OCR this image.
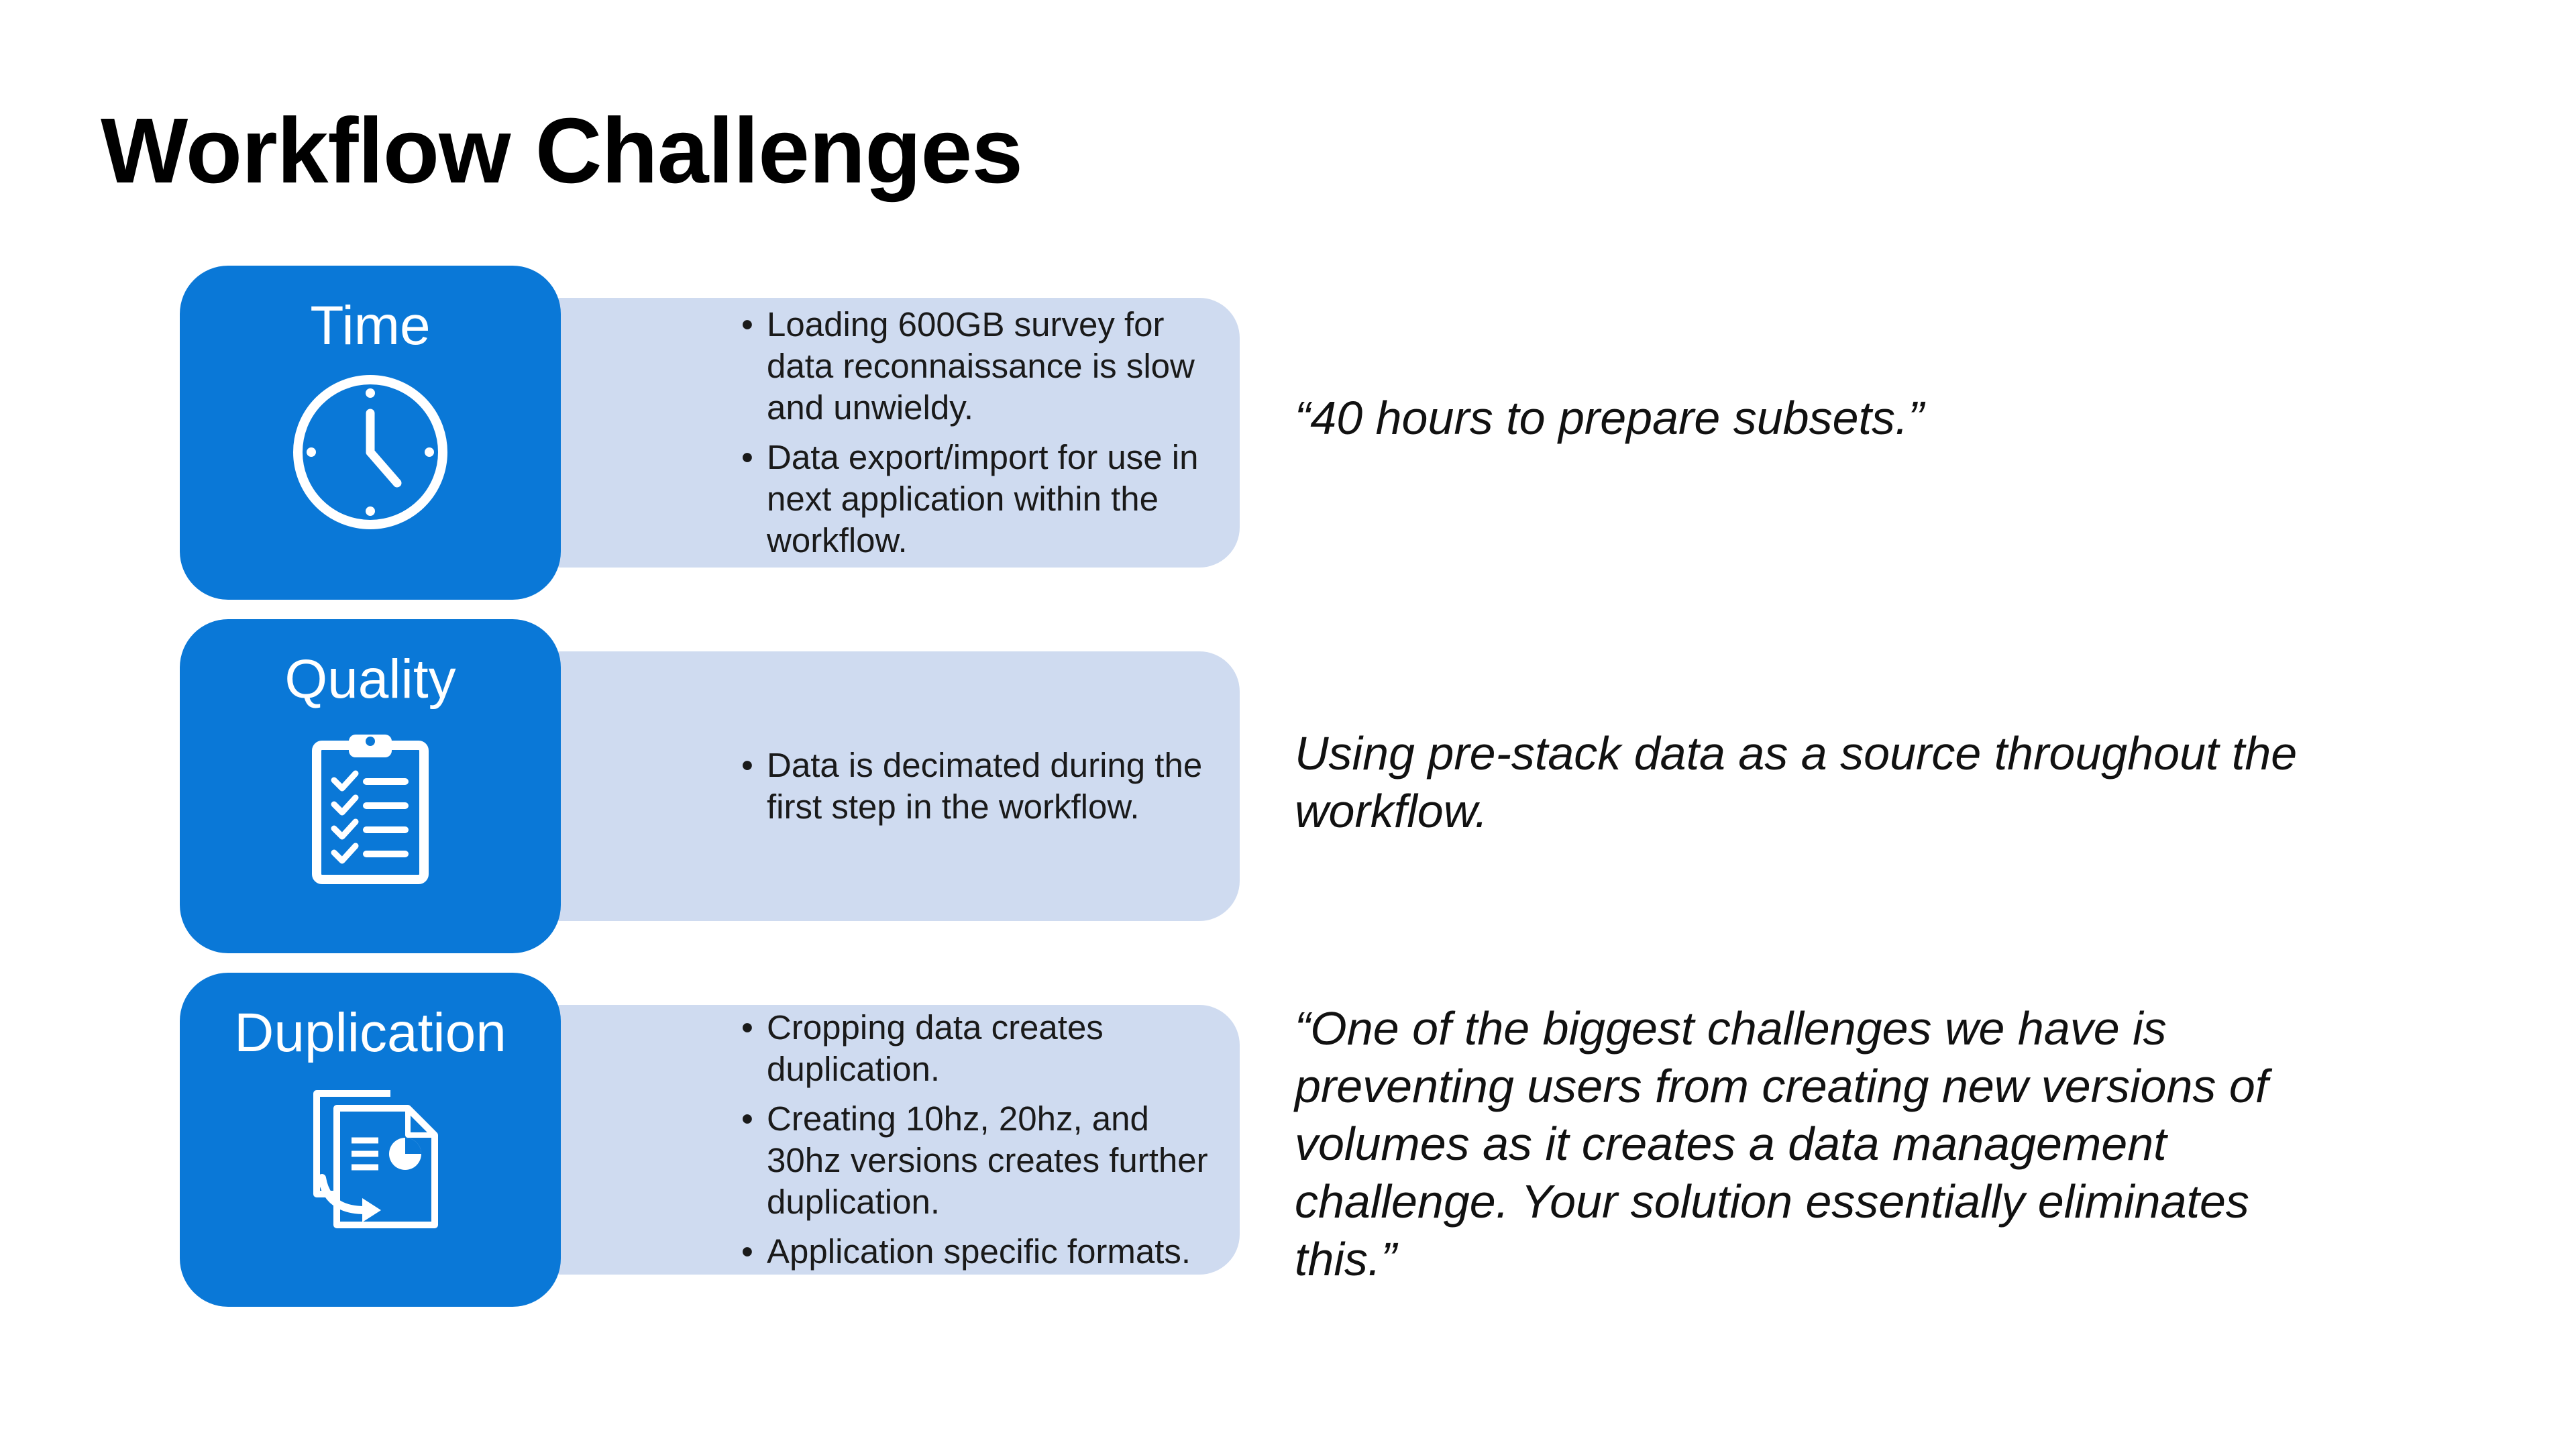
Workflow Challenges
• Loading 600GB survey for data reconnaissance is slow and unwieldy.
• Data export/import for use in next application within the workflow.
Time
• Data is decimated during the first step in the workflow.
Quality
• Cropping data creates duplication.
• Creating 10hz, 20hz, and 30hz versions creates further duplication.
• Application specific formats.
Duplication

“40 hours to prepare subsets.”

Using pre-stack data as a source throughout the workflow.

“One of the biggest challenges we have is preventing users from creating new versions of volumes as it creates a data management challenge. Your solution essentially eliminates this.”
